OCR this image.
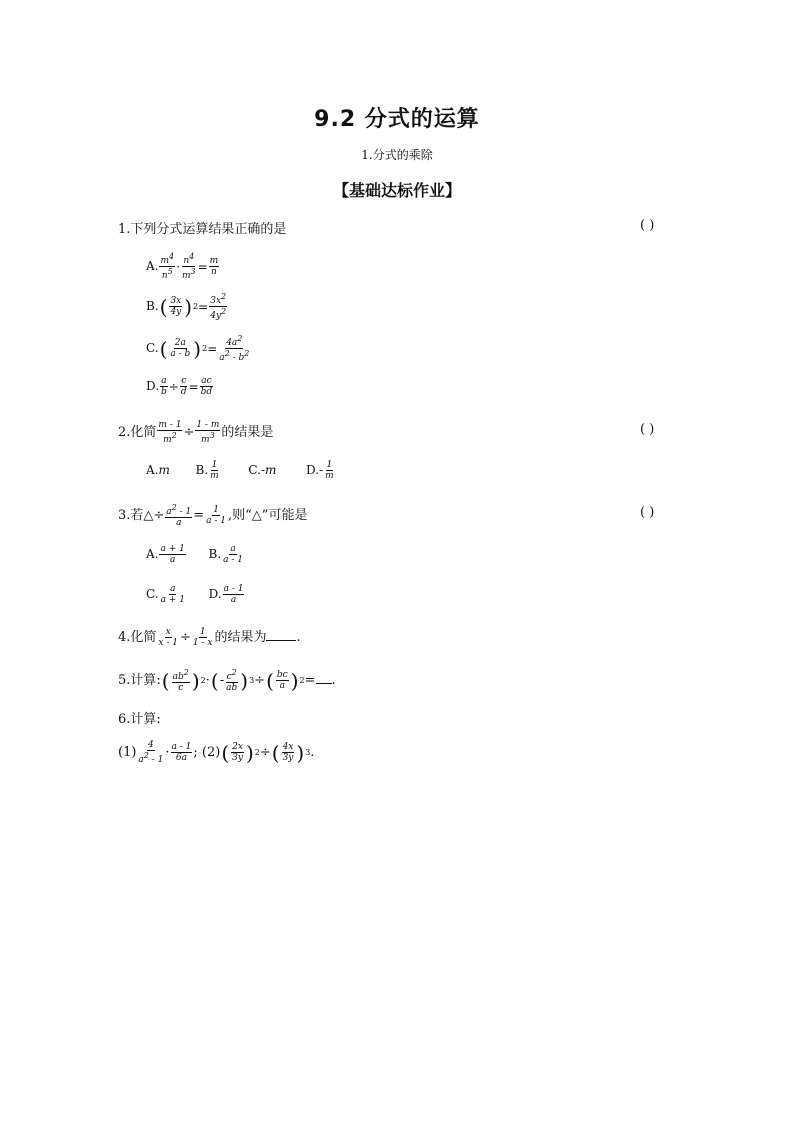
9.2 分式的运算
1.分式的乘除
【基础达标作业】
1.下列分式运算结果正确的是	( )
A. $\frac{m4}{n5} \cdot \frac{n4}{m3} = \frac{m}{n}$
B. ( $\frac{3x}{4y}$ ) $2 = \frac{3x2}{4y2}$
C. ( $\frac{2a}{a - b}$ ) $2 = \frac{4a2}{a2 - b2}$
D. $\frac{a}{b} \div \frac{c}{d} = \frac{ac}{bd}$
2.化简 $\frac{m - 1}{m2} \div \frac{1 - m}{m3}$ 的结果是	( )
A.m B. $\frac{1}{m} C.-m$ $D.- \frac{1}{m}$
3.若△÷ $\frac{a2 - 1}{a} = \frac{1}{a - 1}$ ,则“△”可能是	( )
A. $\frac{a + 1}{a} B$. $\frac{a}{a - 1}$
C. $\frac{a}{a + 1} D$. $\frac{a - 1}{a}$
4.化简 $\frac{x}{x - 1} \div \frac{1}{1 - x}$ 的结果为 .
5.计算: ( $\frac{ab2}{c}$ ) 2 · ( - $\frac{c2}{ab}$ ) 3 ÷ ( $\frac{bc}{a}$ ) 2 =.
6.计算:
$(1) \frac{4}{a2 - 1} \cdot \frac{a - 1}{6a}$ ; (2) ( $\frac{2x}{3y}$ ) 2 ÷ ( $\frac{4x}{3y}$ ) 3 .
